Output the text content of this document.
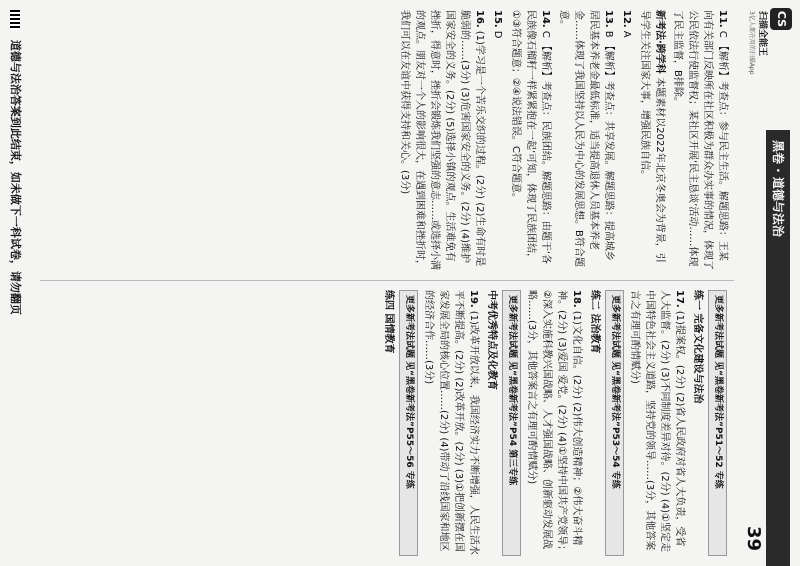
CS 扫描全能王
3亿人都在用的扫描App
黑卷 · 道德与法治
39

11.C 【解析】考查点：参与民主生活。解题思路：王某向有关部门反映所在社区积极为群众办实事的情况，体现了公民依法行使监督权；某社区开展‘民主恳谈’活动……体现了民主监督，B排除。

新考法·跨学科 本题素材以2022年北京冬奥会为背景，引导学生关注国家大事，增强民族自信。

12.A

13.B 【解析】考查点：共享发展。解题思路：提高城乡居民基本养老金最低标准，适当提高退休人员基本养老金……体现了我国坚持以人民为中心的发展思想。B符合题意。

14.C 【解析】考查点：民族团结。解题思路：由题干‘各民族像石榴籽一样紧紧抱在一起’可知，体现了民族团结，①③符合题意；②④说法错误。C符合题意。

15.D

16.(1)学习是一个苦乐交织的过程。(2分) (2)生命有时是脆弱的……(3分) (3)危害国家安全的义务。(2分) (4)维护国家安全的义务。(2分) (5)选择小镇的观点。生活难免有挫折，得意时，挫折会锻炼我们坚强的意志……或选择小满的观点。朋友对一个人的影响很大，在遇到困难和挫折时，我们可以在友谊中获得支持和关心。(3分)

更多新考法试题 见“黑卷新考法”P51～52 专练

练一 完备文化建设与法治

17.(1)提案权。(2分) (2)省人民政府对省人大负责，受省人大监督。(2分) (3)不同制度差异对待。(2分) (4)①坚定走中国特色社会主义道路，坚持党的领导……(3分，其他答案言之有理可酌情赋分)

更多新考法试题 见“黑卷新考法”P53～54 专练

练二 法治教育

18.(1)文化自信。(2分) (2)伟大创造精神；②伟大奋斗精神。(2分) (3)爱国 爱党。(2分) (4)①坚持中国共产党领导；②深入实施科教兴国战略、人才强国战略、创新驱动发展战略……(3分，其他答案言之有理可酌情赋分)

更多新考法试题 见“黑卷新考法”P54 第三专练

中考优秀特点及化教育

19.(1)改革开放以来，我国经济实力不断增强，人民生活水平不断提高。(2分) (2)改革开放。(2分) (3)①把创新摆在国家发展全局的核心位置……(2分) (4)带动了沿线国家和地区的经济合作……(3分)

更多新考法试题 见“黑卷新考法”P55～56 专练

练四 国情教育

道德与法治答案到此结束，如未做下一科试卷，请勿翻页
